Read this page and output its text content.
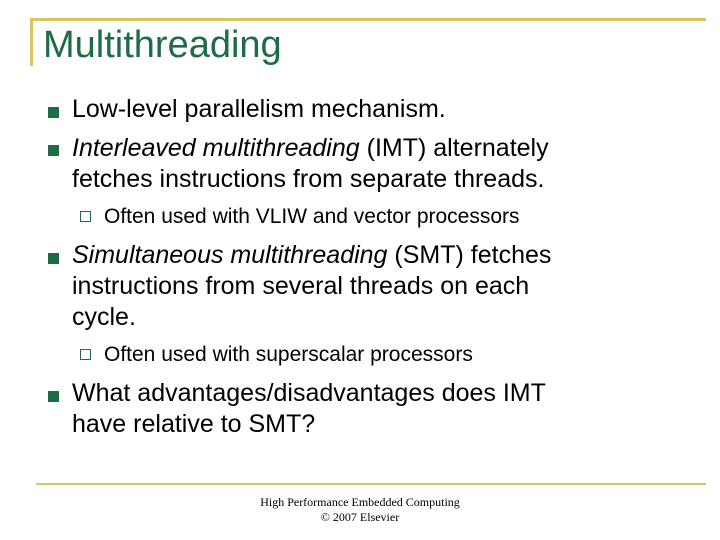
Multithreading
Low-level parallelism mechanism.
Interleaved multithreading (IMT) alternately
fetches instructions from separate threads.
Often used with VLIW and vector processors
Simultaneous multithreading (SMT) fetches
instructions from several threads on each
cycle.
Often used with superscalar processors
What advantages/disadvantages does IMT
have relative to SMT?
High Performance Embedded Computing
© 2007 Elsevier
